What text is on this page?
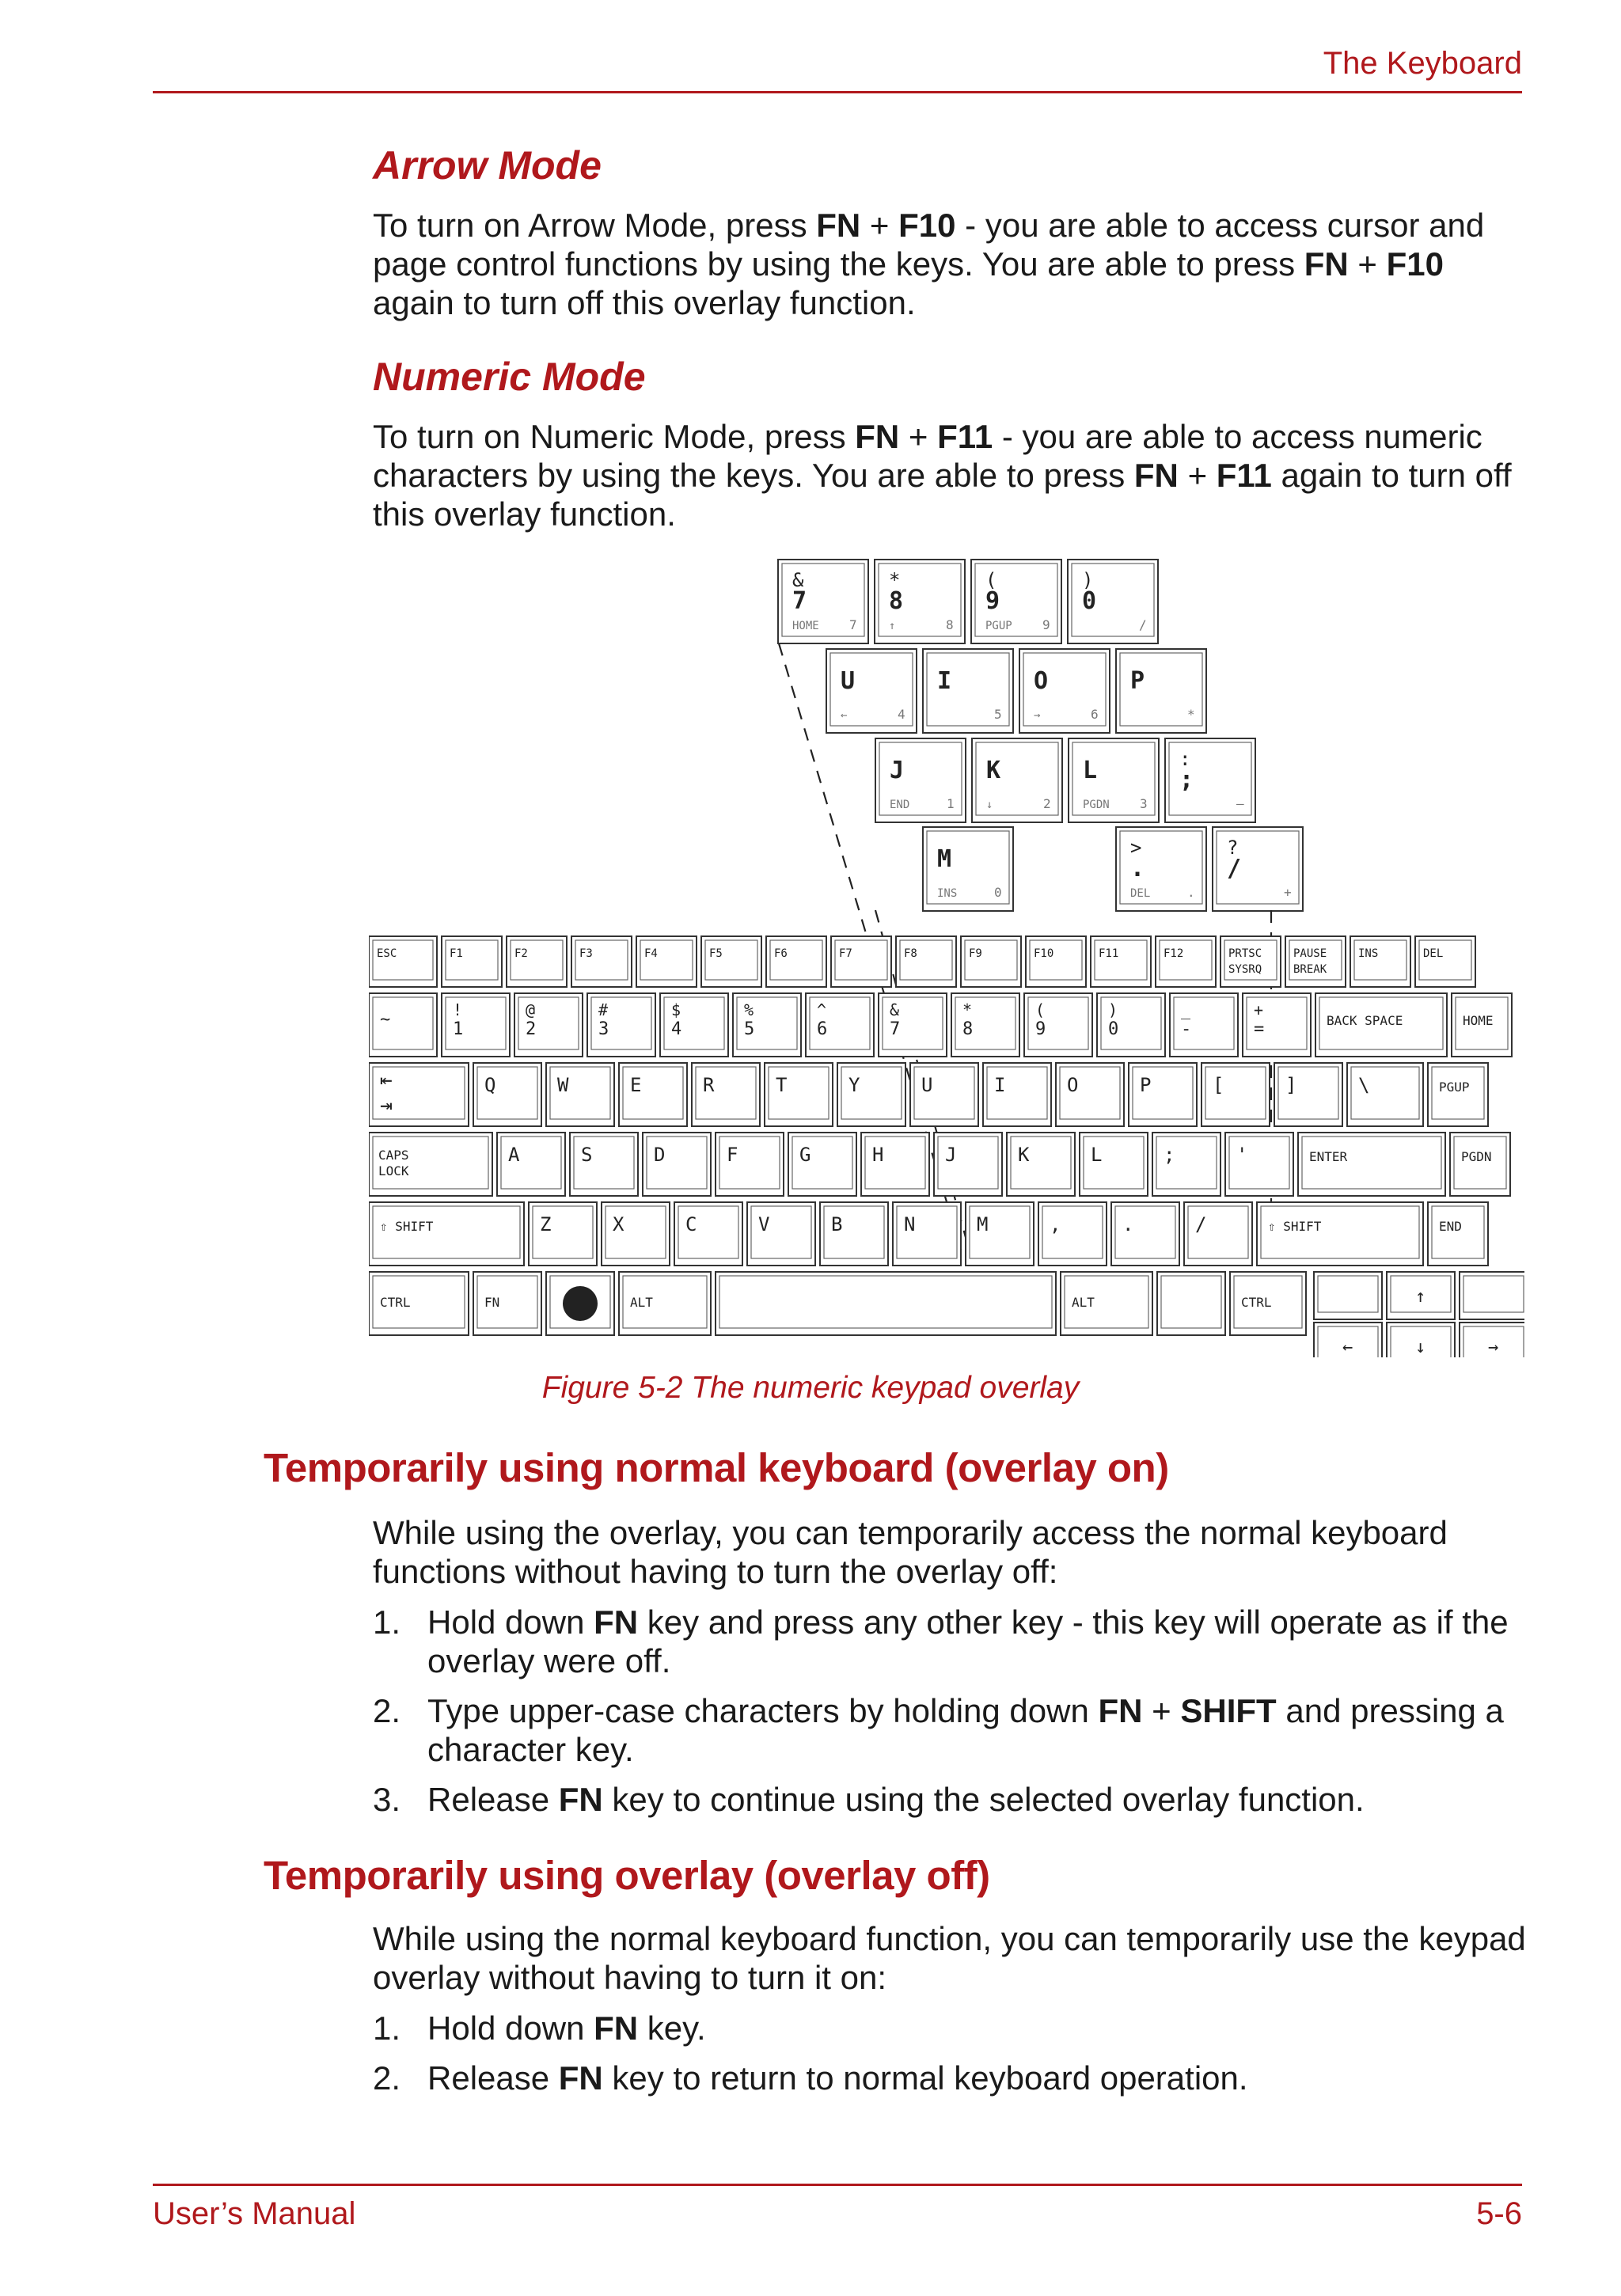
The Keyboard
Arrow Mode
To turn on Arrow Mode, press FN + F10 - you are able to access cursor and page control functions by using the keys. You are able to press FN + F10 again to turn off this overlay function.
Numeric Mode
To turn on Numeric Mode, press FN + F11 - you are able to access numeric characters by using the keys. You are able to press FN + F11 again to turn off this overlay function.
&
7
HOME 7
*
8
↑	8
(
9
PGUP 9
)
0
/
U
←	4
I
5
O
→	6
P
*
J
END	1
K
↓	2
L
PGDN 3
:
;
—
M
INS	0
>
.
DEL	.
?
/
+
ESC	F1	F2	F3	F4	F5	F6	F7	F8	F9	F10	F11	F12	PRTSC
SYSRQ
PAUSE
BREAK
INS	DEL
~	!
1
@
2
#
3
$
4
%
5
^
6
&
7
*
8
(
9
)
0
_
-
+
=	BACK SPACE	HOME
⇤
⇥
Q	W	E	R	T	Y	U	I	O	P	[	]	\	PGUP
CAPS
LOCK
A	S	D	F	G	H	J	K	L	;	'	ENTER	PGDN
⇧ SHIFT	Z	X	C	V	B	N	M	,	.	/	⇧ SHIFT	END
CTRL	FN	ALT	ALT	CTRL	↑
←	↓	→
Figure 5-2 The numeric keypad overlay
Temporarily using normal keyboard (overlay on)
While using the overlay, you can temporarily access the normal keyboard functions without having to turn the overlay off:
1. Hold down FN key and press any other key - this key will operate as if the overlay were off.
2. Type upper-case characters by holding down FN + SHIFT and pressing a character key.
3. Release FN key to continue using the selected overlay function.
Temporarily using overlay (overlay off)
While using the normal keyboard function, you can temporarily use the keypad overlay without having to turn it on:
1. Hold down FN key.
2. Release FN key to return to normal keyboard operation.
User’s Manual	5-6
